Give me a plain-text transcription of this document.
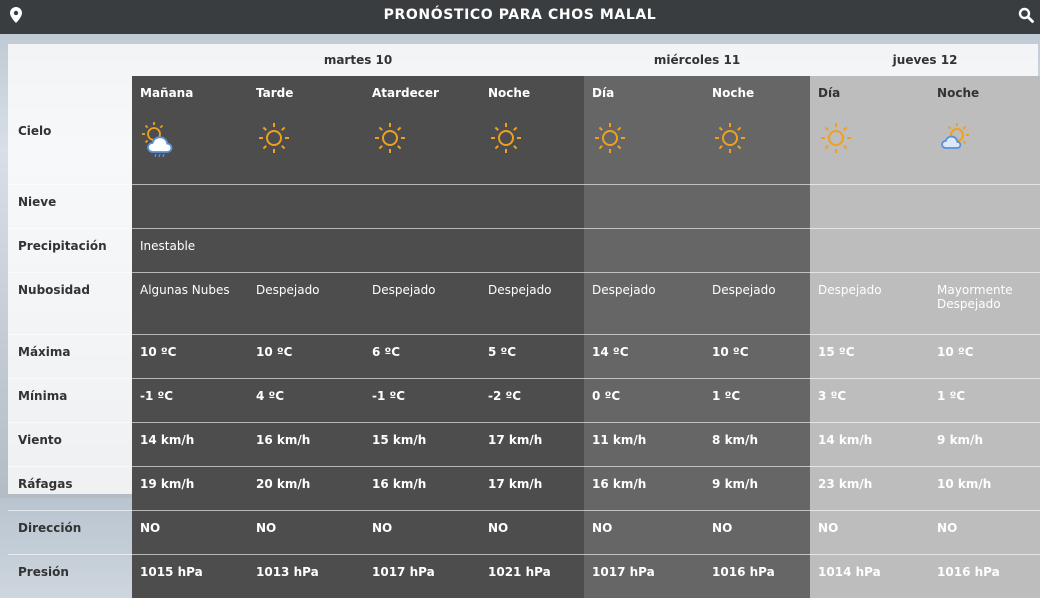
PRONÓSTICO PARA CHOS MALAL
	martes 10				miércoles 11		jueves 12	
	Mañana	Tarde	Atardecer	Noche	Día	Noche	Día	Noche
Cielo								
Nieve								
Precipitación	Inestable							
Nubosidad	Algunas Nubes	Despejado	Despejado	Despejado	Despejado	Despejado	Despejado	Mayormente Despejado
Máxima	10 ºC	10 ºC	6 ºC	5 ºC	14 ºC	10 ºC	15 ºC	10 ºC
Mínima	-1 ºC	4 ºC	-1 ºC	-2 ºC	0 ºC	1 ºC	3 ºC	1 ºC
Viento	14 km/h	16 km/h	15 km/h	17 km/h	11 km/h	8 km/h	14 km/h	9 km/h
Ráfagas	19 km/h	20 km/h	16 km/h	17 km/h	16 km/h	9 km/h	23 km/h	10 km/h
Dirección	NO	NO	NO	NO	NO	NO	NO	NO
Presión	1015 hPa	1013 hPa	1017 hPa	1021 hPa	1017 hPa	1016 hPa	1014 hPa	1016 hPa
